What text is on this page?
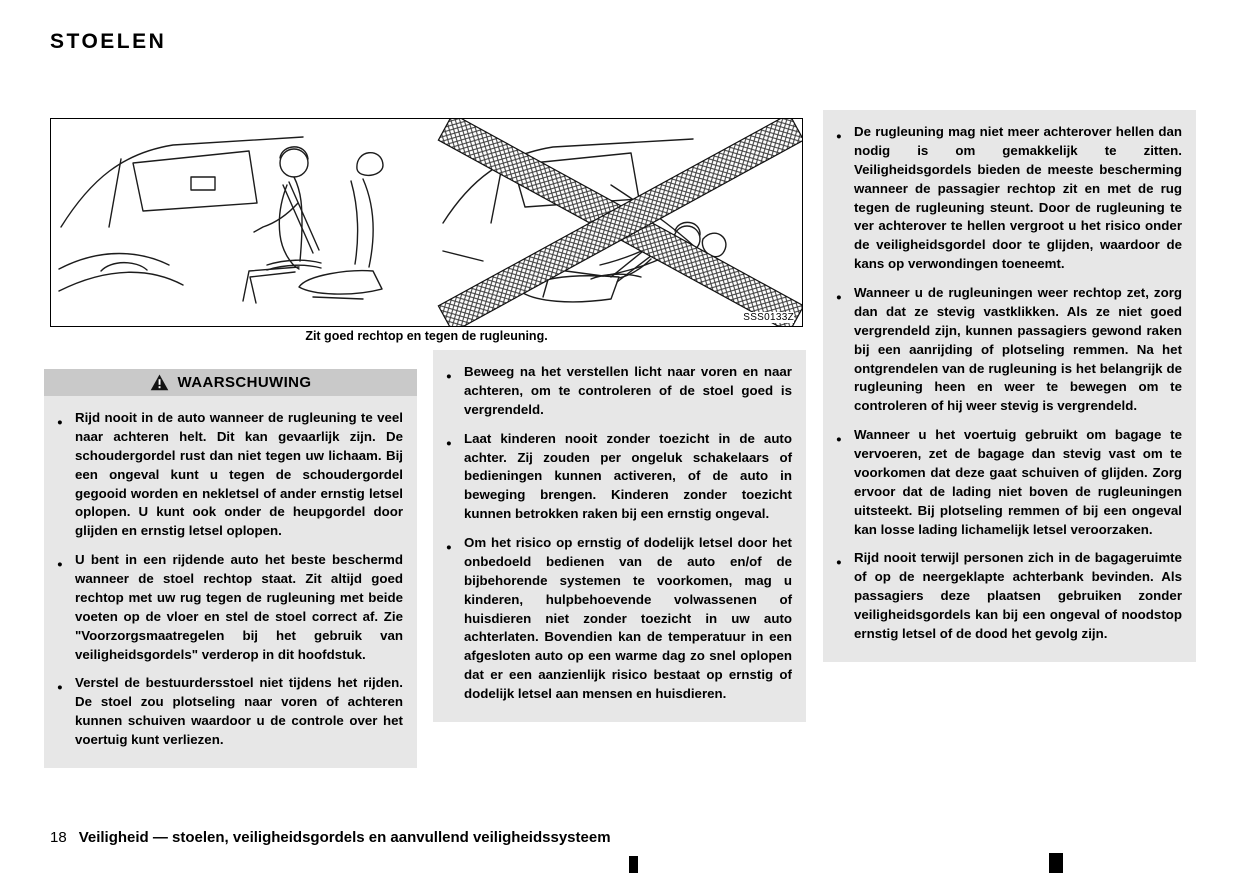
STOELEN
SSS0133Z
Zit goed rechtop en tegen de rugleuning.
WAARSCHUWING
●

Rijd nooit in de auto wanneer de rugleuning te veel naar achteren helt. Dit kan gevaarlijk zijn. De schoudergordel rust dan niet tegen uw lichaam. Bij een ongeval kunt u tegen de schoudergordel gegooid worden en nekletsel of ander ernstig letsel oplopen. U kunt ook onder de heupgordel door glijden en ernstig letsel oplopen.

●

U bent in een rijdende auto het beste beschermd wanneer de stoel rechtop staat. Zit altijd goed rechtop met uw rug tegen de rugleuning met beide voeten op de vloer en stel de stoel correct af. Zie "Voorzorgsmaatregelen bij het gebruik van veiligheidsgordels" verderop in dit hoofdstuk.

●

Verstel de bestuurdersstoel niet tijdens het rijden. De stoel zou plotseling naar voren of achteren kunnen schuiven waardoor u de controle over het voertuig kunt verliezen.

●

Beweeg na het verstellen licht naar voren en naar achteren, om te controleren of de stoel goed is vergrendeld.

●

Laat kinderen nooit zonder toezicht in de auto achter. Zij zouden per ongeluk schakelaars of bedieningen kunnen activeren, of de auto in beweging brengen. Kinderen zonder toezicht kunnen betrokken raken bij een ernstig ongeval.

●

Om het risico op ernstig of dodelijk letsel door het onbedoeld bedienen van de auto en/of de bijbehorende systemen te voorkomen, mag u kinderen, hulpbehoevende volwassenen of huisdieren niet zonder toezicht in uw auto achterlaten. Bovendien kan de temperatuur in een afgesloten auto op een warme dag zo snel oplopen dat er een aanzienlijk risico bestaat op ernstig of dodelijk letsel aan mensen en huisdieren.

●

De rugleuning mag niet meer achterover hellen dan nodig is om gemakkelijk te zitten. Veiligheidsgordels bieden de meeste bescherming wanneer de passagier rechtop zit en met de rug tegen de rugleuning steunt. Door de rugleuning te ver achterover te hellen vergroot u het risico onder de veiligheidsgordel door te glijden, waardoor de kans op verwondingen toeneemt.

●

Wanneer u de rugleuningen weer rechtop zet, zorg dan dat ze stevig vastklikken. Als ze niet goed vergrendeld zijn, kunnen passagiers gewond raken bij een aanrijding of plotseling remmen. Na het ontgrendelen van de rugleuning is het belangrijk de rugleuning heen en weer te bewegen om te controleren of hij weer stevig is vergrendeld.

●

Wanneer u het voertuig gebruikt om bagage te vervoeren, zet de bagage dan stevig vast om te voorkomen dat deze gaat schuiven of glijden. Zorg ervoor dat de lading niet boven de rugleuningen uitsteekt. Bij plotseling remmen of bij een ongeval kan losse lading lichamelijk letsel veroorzaken.

●

Rijd nooit terwijl personen zich in de bagageruimte of op de neergeklapte achterbank bevinden. Als passagiers deze plaatsen gebruiken zonder veiligheidsgordels kan bij een ongeval of noodstop ernstig letsel of de dood het gevolg zijn.

18 Veiligheid — stoelen, veiligheidsgordels en aanvullend veiligheidssysteem
